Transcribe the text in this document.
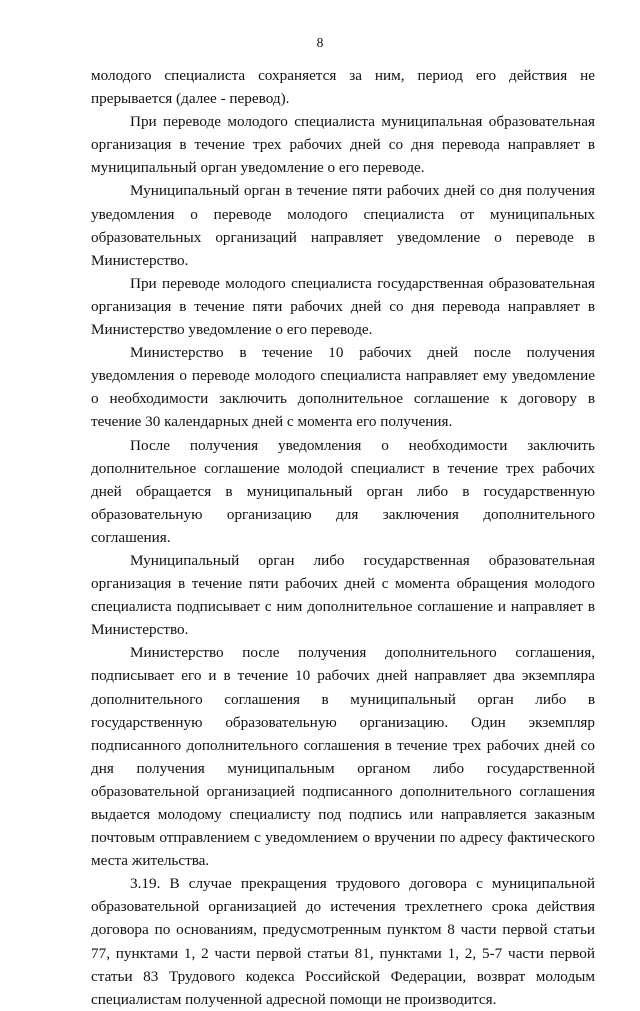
8

молодого специалиста сохраняется за ним, период его действия не прерывается (далее - перевод).

При переводе молодого специалиста муниципальная образовательная организация в течение трех рабочих дней со дня перевода направляет в муниципальный орган уведомление о его переводе.

Муниципальный орган в течение пяти рабочих дней со дня получения уведомления о переводе молодого специалиста от муниципальных образовательных организаций направляет уведомление о переводе в Министерство.

При переводе молодого специалиста государственная образовательная организация в течение пяти рабочих дней со дня перевода направляет в Министерство уведомление о его переводе.

Министерство в течение 10 рабочих дней после получения уведомления о переводе молодого специалиста направляет ему уведомление о необходимости заключить дополнительное соглашение к договору в течение 30 календарных дней с момента его получения.

После получения уведомления о необходимости заключить дополнительное соглашение молодой специалист в течение трех рабочих дней обращается в муниципальный орган либо в государственную образовательную организацию для заключения дополнительного соглашения.

Муниципальный орган либо государственная образовательная организация в течение пяти рабочих дней с момента обращения молодого специалиста подписывает с ним дополнительное соглашение и направляет в Министерство.

Министерство после получения дополнительного соглашения, подписывает его и в течение 10 рабочих дней направляет два экземпляра дополнительного соглашения в муниципальный орган либо в государственную образовательную организацию. Один экземпляр подписанного дополнительного соглашения в течение трех рабочих дней со дня получения муниципальным органом либо государственной образовательной организацией подписанного дополнительного соглашения выдается молодому специалисту под подпись или направляется заказным почтовым отправлением с уведомлением о вручении по адресу фактического места жительства.

3.19. В случае прекращения трудового договора с муниципальной образовательной организацией до истечения трехлетнего срока действия договора по основаниям, предусмотренным пунктом 8 части первой статьи 77, пунктами 1, 2 части первой статьи 81, пунктами 1, 2, 5-7 части первой статьи 83 Трудового кодекса Российской Федерации, возврат молодым специалистам полученной адресной помощи не производится.
